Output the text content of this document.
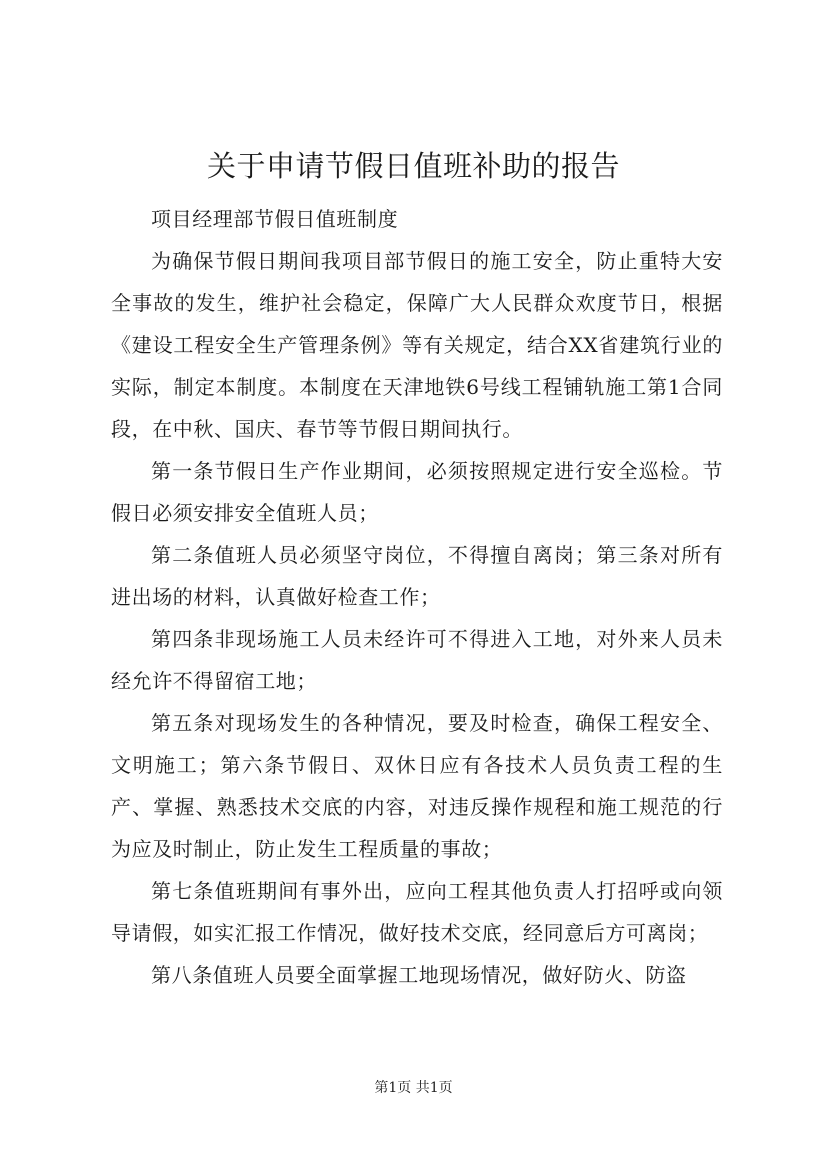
关于申请节假日值班补助的报告

项目经理部节假日值班制度

为确保节假日期间我项目部节假日的施工安全，防止重特大安全事故的发生，维护社会稳定，保障广大人民群众欢度节日，根据《建设工程安全生产管理条例》等有关规定，结合XX省建筑行业的实际，制定本制度。本制度在天津地铁6号线工程铺轨施工第1合同段，在中秋、国庆、春节等节假日期间执行。

第一条节假日生产作业期间，必须按照规定进行安全巡检。节假日必须安排安全值班人员；

第二条值班人员必须坚守岗位，不得擅自离岗；第三条对所有进出场的材料，认真做好检查工作；

第四条非现场施工人员未经许可不得进入工地，对外来人员未经允许不得留宿工地；

第五条对现场发生的各种情况，要及时检查，确保工程安全、文明施工；第六条节假日、双休日应有各技术人员负责工程的生产、掌握、熟悉技术交底的内容，对违反操作规程和施工规范的行为应及时制止，防止发生工程质量的事故；

第七条值班期间有事外出，应向工程其他负责人打招呼或向领导请假，如实汇报工作情况，做好技术交底，经同意后方可离岗；

第八条值班人员要全面掌握工地现场情况，做好防火、防盗

第1页 共1页
